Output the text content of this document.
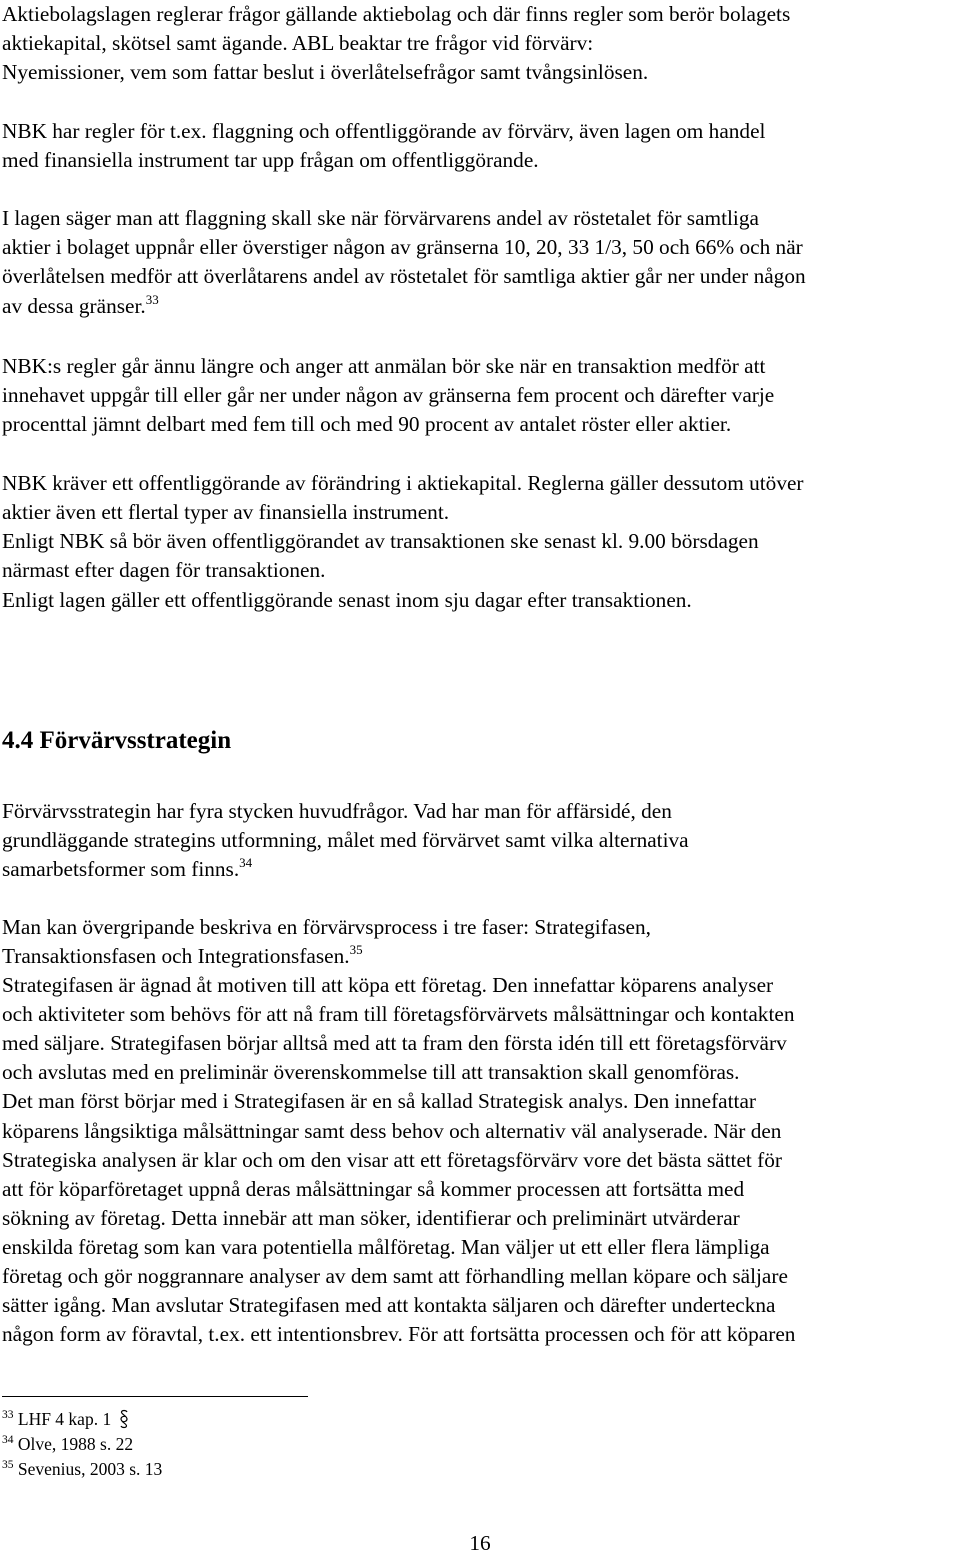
Aktiebolagslagen reglerar frågor gällande aktiebolag och där finns regler som berör bolagets
aktiekapital, skötsel samt ägande. ABL beaktar tre frågor vid förvärv:
Nyemissioner, vem som fattar beslut i överlåtelsefrågor samt tvångsinlösen.
NBK har regler för t.ex. flaggning och offentliggörande av förvärv, även lagen om handel
med finansiella instrument tar upp frågan om offentliggörande.
I lagen säger man att flaggning skall ske när förvärvarens andel av röstetalet för samtliga
aktier i bolaget uppnår eller överstiger någon av gränserna 10, 20, 33 1/3, 50 och 66% och när
överlåtelsen medför att överlåtarens andel av röstetalet för samtliga aktier går ner under någon
av dessa gränser.$^{33}$
NBK:s regler går ännu längre och anger att anmälan bör ske när en transaktion medför att
innehavet uppgår till eller går ner under någon av gränserna fem procent och därefter varje
procenttal jämnt delbart med fem till och med 90 procent av antalet röster eller aktier.
NBK kräver ett offentliggörande av förändring i aktiekapital. Reglerna gäller dessutom utöver
aktier även ett flertal typer av finansiella instrument.
Enligt NBK så bör även offentliggörandet av transaktionen ske senast kl. 9.00 börsdagen
närmast efter dagen för transaktionen.
Enligt lagen gäller ett offentliggörande senast inom sju dagar efter transaktionen.
4.4 Förvärvsstrategin
Förvärvsstrategin har fyra stycken huvudfrågor. Vad har man för affärsidé, den
grundläggande strategins utformning, målet med förvärvet samt vilka alternativa
samarbetsformer som finns.$^{34}$
Man kan övergripande beskriva en förvärvsprocess i tre faser: Strategifasen,
Transaktionsfasen och Integrationsfasen.$^{35}$
Strategifasen är ägnad åt motiven till att köpa ett företag. Den innefattar köparens analyser
och aktiviteter som behövs för att nå fram till företagsförvärvets målsättningar och kontakten
med säljare. Strategifasen börjar alltså med att ta fram den första idén till ett företagsförvärv
och avslutas med en preliminär överenskommelse till att transaktion skall genomföras.
Det man först börjar med i Strategifasen är en så kallad Strategisk analys. Den innefattar
köparens långsiktiga målsättningar samt dess behov och alternativ väl analyserade. När den
Strategiska analysen är klar och om den visar att ett företagsförvärv vore det bästa sättet för
att för köparföretaget uppnå deras målsättningar så kommer processen att fortsätta med
sökning av företag. Detta innebär att man söker, identifierar och preliminärt utvärderar
enskilda företag som kan vara potentiella målföretag. Man väljer ut ett eller flera lämpliga
företag och gör noggrannare analyser av dem samt att förhandling mellan köpare och säljare
sätter igång. Man avslutar Strategifasen med att kontakta säljaren och därefter underteckna
någon form av föravtal, t.ex. ett intentionsbrev. För att fortsätta processen och för att köparen
$^{33}$ LHF 4 kap. 1
$^{34}$ Olve, 1988 s. 22
$^{35}$ Sevenius, 2003 s. 13
16
